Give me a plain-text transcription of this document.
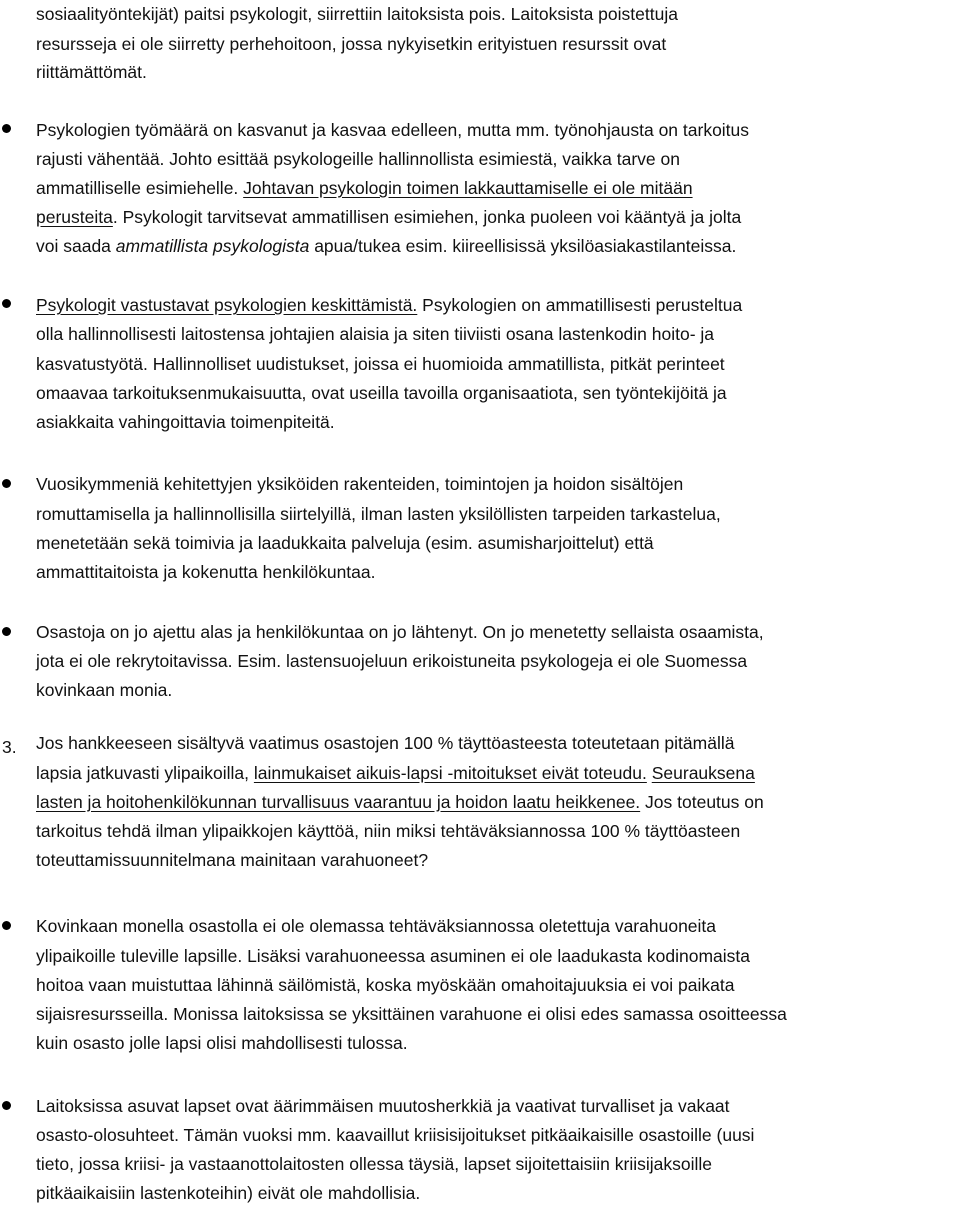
sosiaalityöntekijät) paitsi psykologit, siirrettiin laitoksista pois. Laitoksista poistettuja
resursseja ei ole siirretty perhehoitoon, jossa nykyisetkin erityistuen resurssit ovat
riittämättömät.
Psykologien työmäärä on kasvanut ja kasvaa edelleen, mutta mm. työnohjausta on tarkoitus
rajusti vähentää. Johto esittää psykologeille hallinnollista esimiestä, vaikka tarve on
ammatilliselle esimiehelle. Johtavan psykologin toimen lakkauttamiselle ei ole mitään
perusteita. Psykologit tarvitsevat ammatillisen esimiehen, jonka puoleen voi kääntyä ja jolta
voi saada ammatillista psykologista apua/tukea esim. kiireellisissä yksilöasiakastilanteissa.
Psykologit vastustavat psykologien keskittämistä. Psykologien on ammatillisesti perusteltua
olla hallinnollisesti laitostensa johtajien alaisia ja siten tiiviisti osana lastenkodin hoito- ja
kasvatustyötä. Hallinnolliset uudistukset, joissa ei huomioida ammatillista, pitkät perinteet
omaavaa tarkoituksenmukaisuutta, ovat useilla tavoilla organisaatiota, sen työntekijöitä ja
asiakkaita vahingoittavia toimenpiteitä.
Vuosikymmeniä kehitettyjen yksiköiden rakenteiden, toimintojen ja hoidon sisältöjen
romuttamisella ja hallinnollisilla siirtelyillä, ilman lasten yksilöllisten tarpeiden tarkastelua,
menetetään sekä toimivia ja laadukkaita palveluja (esim. asumisharjoittelut) että
ammattitaitoista ja kokenutta henkilökuntaa.
Osastoja on jo ajettu alas ja henkilökuntaa on jo lähtenyt. On jo menetetty sellaista osaamista,
jota ei ole rekrytoitavissa. Esim. lastensuojeluun erikoistuneita psykologeja ei ole Suomessa
kovinkaan monia.
Jos hankkeeseen sisältyvä vaatimus osastojen 100 % täyttöasteesta toteutetaan pitämällä
lapsia jatkuvasti ylipaikoilla, lainmukaiset aikuis-lapsi -mitoitukset eivät toteudu. Seurauksena
lasten ja hoitohenkilökunnan turvallisuus vaarantuu ja hoidon laatu heikkenee. Jos toteutus on
tarkoitus tehdä ilman ylipaikkojen käyttöä, niin miksi tehtäväksiannossa 100 % täyttöasteen
toteuttamissuunnitelmana mainitaan varahuoneet?
Kovinkaan monella osastolla ei ole olemassa tehtäväksiannossa oletettuja varahuoneita
ylipaikoille tuleville lapsille. Lisäksi varahuoneessa asuminen ei ole laadukasta kodinomaista
hoitoa vaan muistuttaa lähinnä säilömistä, koska myöskään omahoitajuuksia ei voi paikata
sijaisresursseilla. Monissa laitoksissa se yksittäinen varahuone ei olisi edes samassa osoitteessa
kuin osasto jolle lapsi olisi mahdollisesti tulossa.
Laitoksissa asuvat lapset ovat äärimmäisen muutosherkkiä ja vaativat turvalliset ja vakaat
osasto-olosuhteet. Tämän vuoksi mm. kaavaillut kriisisijoitukset pitkäaikaisille osastoille (uusi
tieto, jossa kriisi- ja vastaanottolaitosten ollessa täysiä, lapset sijoitettaisiin kriisijaksoille
pitkäaikaisiin lastenkoteihin) eivät ole mahdollisia.
3.
